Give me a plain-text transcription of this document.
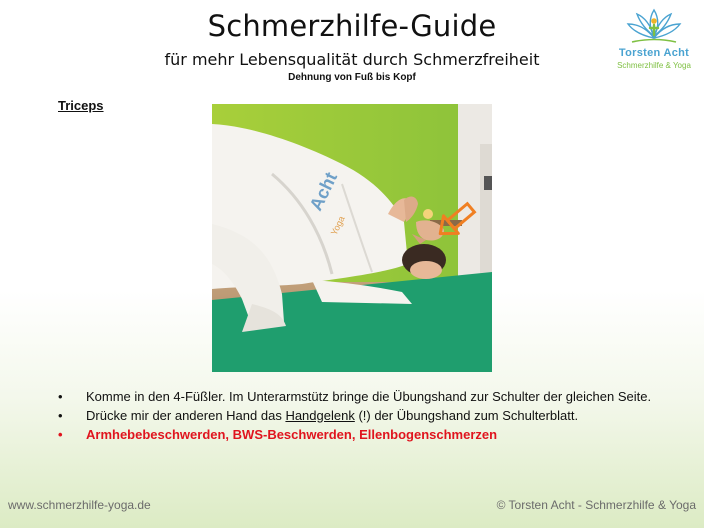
Schmerzhilfe-Guide
für mehr Lebensqualität durch Schmerzfreiheit
Dehnung von Fuß bis Kopf
Torsten Acht
Schmerzhilfe & Yoga
Triceps
Acht
Yoga
• Komme in den 4-Füßler. Im Unterarmstütz bringe die Übungshand zur Schulter der gleichen Seite.
• Drücke mir der anderen Hand das Handgelenk (!) der Übungshand zum Schulterblatt.
• Armhebebeschwerden, BWS-Beschwerden, Ellenbogenschmerzen
www.schmerzhilfe-yoga.de	© Torsten Acht - Schmerzhilfe & Yoga
